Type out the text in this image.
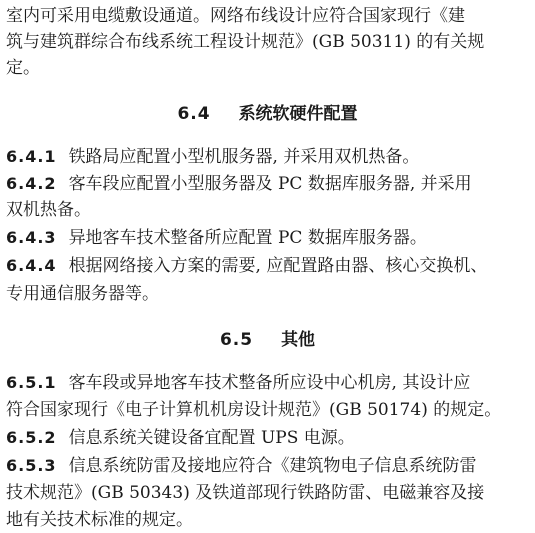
室内可采用电缆敷设通道。网络布线设计应符合国家现行《建
筑与建筑群综合布线系统工程设计规范》(GB 50311) 的有关规
定。
6.4 系统软硬件配置
6.4.1 铁路局应配置小型机服务器, 并采用双机热备。
6.4.2 客车段应配置小型服务器及 PC 数据库服务器, 并采用
双机热备。
6.4.3 异地客车技术整备所应配置 PC 数据库服务器。
6.4.4 根据网络接入方案的需要, 应配置路由器、核心交换机、
专用通信服务器等。
6.5 其他
6.5.1 客车段或异地客车技术整备所应设中心机房, 其设计应
符合国家现行《电子计算机机房设计规范》(GB 50174) 的规定。
6.5.2 信息系统关键设备宜配置 UPS 电源。
6.5.3 信息系统防雷及接地应符合《建筑物电子信息系统防雷
技术规范》(GB 50343) 及铁道部现行铁路防雷、电磁兼容及接
地有关技术标准的规定。
